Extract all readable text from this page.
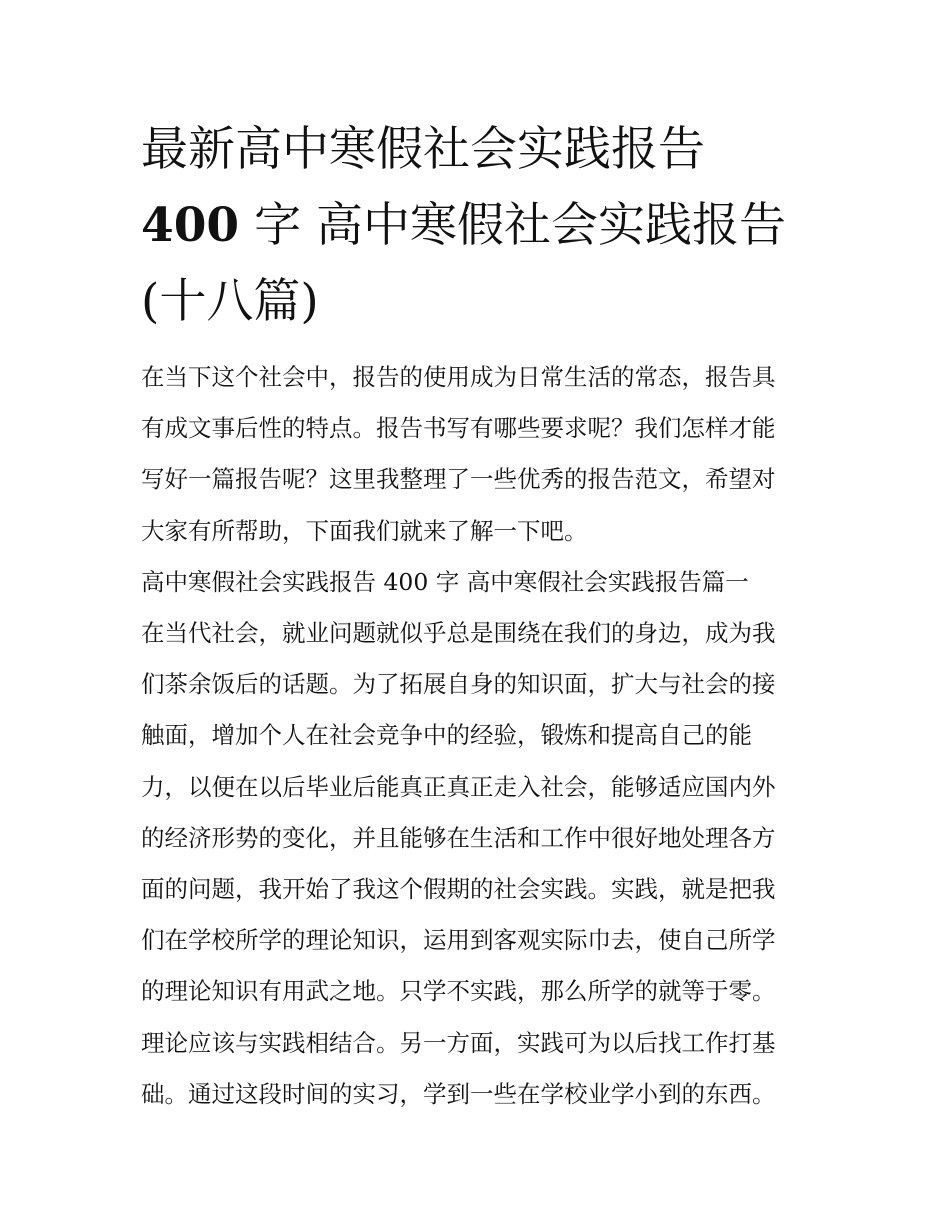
最新高中寒假社会实践报告
400 字 高中寒假社会实践报告
(十八篇)

在当下这个社会中，报告的使用成为日常生活的常态，报告具

有成文事后性的特点。报告书写有哪些要求呢？我们怎样才能

写好一篇报告呢？这里我整理了一些优秀的报告范文，希望对

大家有所帮助，下面我们就来了解一下吧。

高中寒假社会实践报告 400 字 高中寒假社会实践报告篇一

在当代社会，就业问题就似乎总是围绕在我们的身边，成为我

们茶余饭后的话题。为了拓展自身的知识面，扩大与社会的接

触面，增加个人在社会竞争中的经验，锻炼和提高自己的能

力，以便在以后毕业后能真正真正走入社会，能够适应国内外

的经济形势的变化，并且能够在生活和工作中很好地处理各方

面的问题，我开始了我这个假期的社会实践。实践，就是把我

们在学校所学的理论知识，运用到客观实际巾去，使自己所学

的理论知识有用武之地。只学不实践，那么所学的就等于零。

理论应该与实践相结合。另一方面，实践可为以后找工作打基

础。通过这段时间的实习，学到一些在学校业学小到的东西。
